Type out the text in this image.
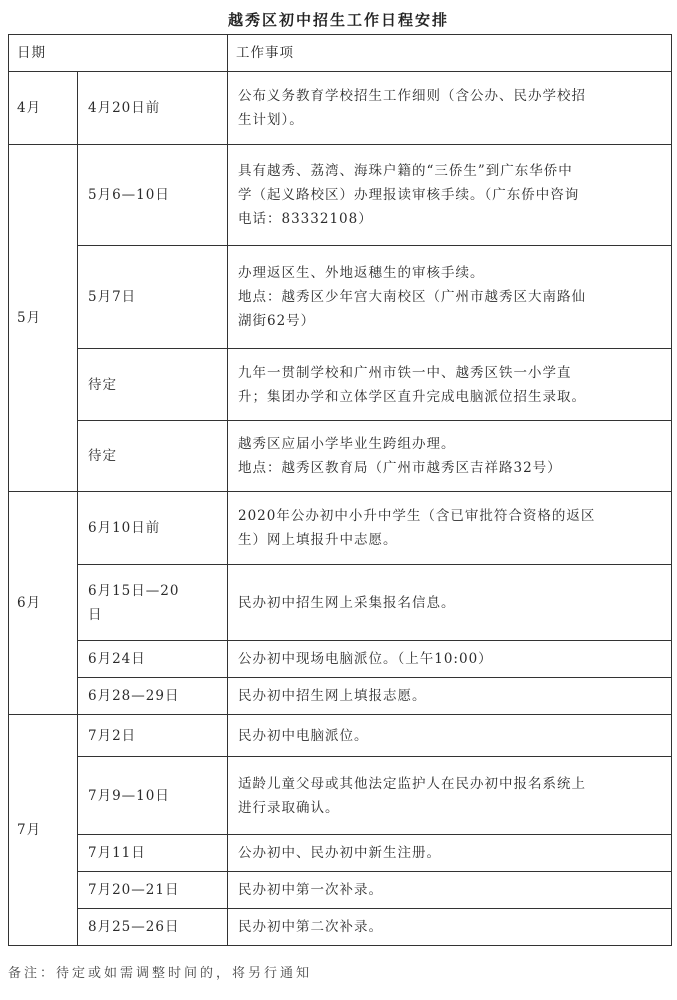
越秀区初中招生工作日程安排
日期		工作事项
4月	4月20日前	公布义务教育学校招生工作细则（含公办、民办学校招
生计划）。

5月	5月6—10日	具有越秀、荔湾、海珠户籍的“三侨生”到广东华侨中
学（起义路校区）办理报读审核手续。（广东侨中咨询
电话：83332108）

	5月7日	办理返区生、外地返穗生的审核手续。
地点：越秀区少年宫大南校区（广州市越秀区大南路仙
湖街62号）

	待定	九年一贯制学校和广州市铁一中、越秀区铁一小学直
升；集团办学和立体学区直升完成电脑派位招生录取。

	待定	越秀区应届小学毕业生跨组办理。
地点：越秀区教育局（广州市越秀区吉祥路32号）

6月	6月10日前	2020年公办初中小升中学生（含已审批符合资格的返区
生）网上填报升中志愿。

	6月15日—20
日	民办初中招生网上采集报名信息。

	6月24日	公办初中现场电脑派位。（上午10:00）

	6月28—29日	民办初中招生网上填报志愿。

7月	7月2日	民办初中电脑派位。

	7月9—10日	适龄儿童父母或其他法定监护人在民办初中报名系统上
进行录取确认。

	7月11日	公办初中、民办初中新生注册。

	7月20—21日	民办初中第一次补录。

	8月25—26日	民办初中第二次补录。
备注：待定或如需调整时间的，将另行通知
